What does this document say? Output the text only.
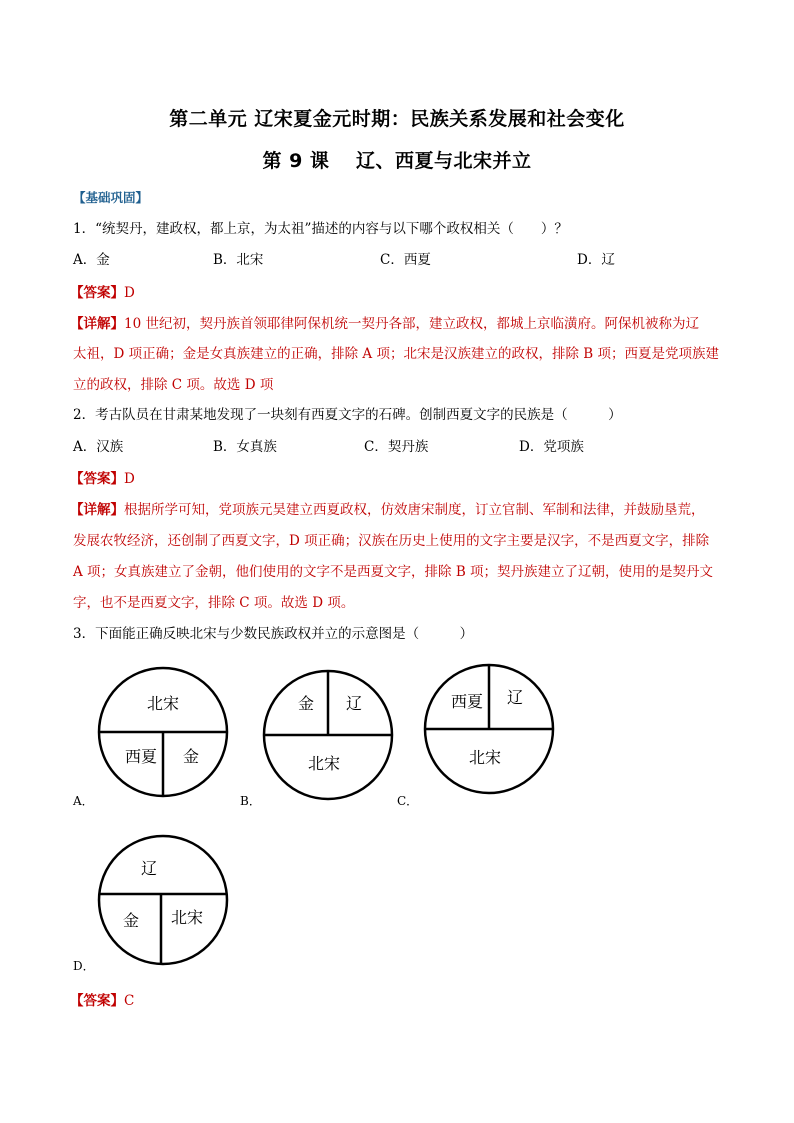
第二单元 辽宋夏金元时期：民族关系发展和社会变化
第 9 课　 辽、西夏与北宋并立
【基础巩固】
1．“统契丹，建政权，都上京，为太祖”描述的内容与以下哪个政权相关（　　）？
A．金	B．北宋	C．西夏	D．辽
【答案】D
【详解】10 世纪初，契丹族首领耶律阿保机统一契丹各部，建立政权，都城上京临潢府。阿保机被称为辽
太祖，D 项正确；金是女真族建立的正确，排除 A 项；北宋是汉族建立的政权，排除 B 项；西夏是党项族建
立的政权，排除 C 项。故选 D 项
2．考古队员在甘肃某地发现了一块刻有西夏文字的石碑。创制西夏文字的民族是（　　　）
A．汉族	B．女真族	C．契丹族	D．党项族
【答案】D
【详解】根据所学可知，党项族元昊建立西夏政权，仿效唐宋制度，订立官制、军制和法律，并鼓励垦荒，
发展农牧经济，还创制了西夏文字，D 项正确；汉族在历史上使用的文字主要是汉字，不是西夏文字，排除
A 项；女真族建立了金朝，他们使用的文字不是西夏文字，排除 B 项；契丹族建立了辽朝，使用的是契丹文
字，也不是西夏文字，排除 C 项。故选 D 项。
3．下面能正确反映北宋与少数民族政权并立的示意图是（　　　）
北宋
西夏 金
A．
金 辽
北宋
B．
西夏 辽
北宋
C．
辽
金 北宋
D．
【答案】C
